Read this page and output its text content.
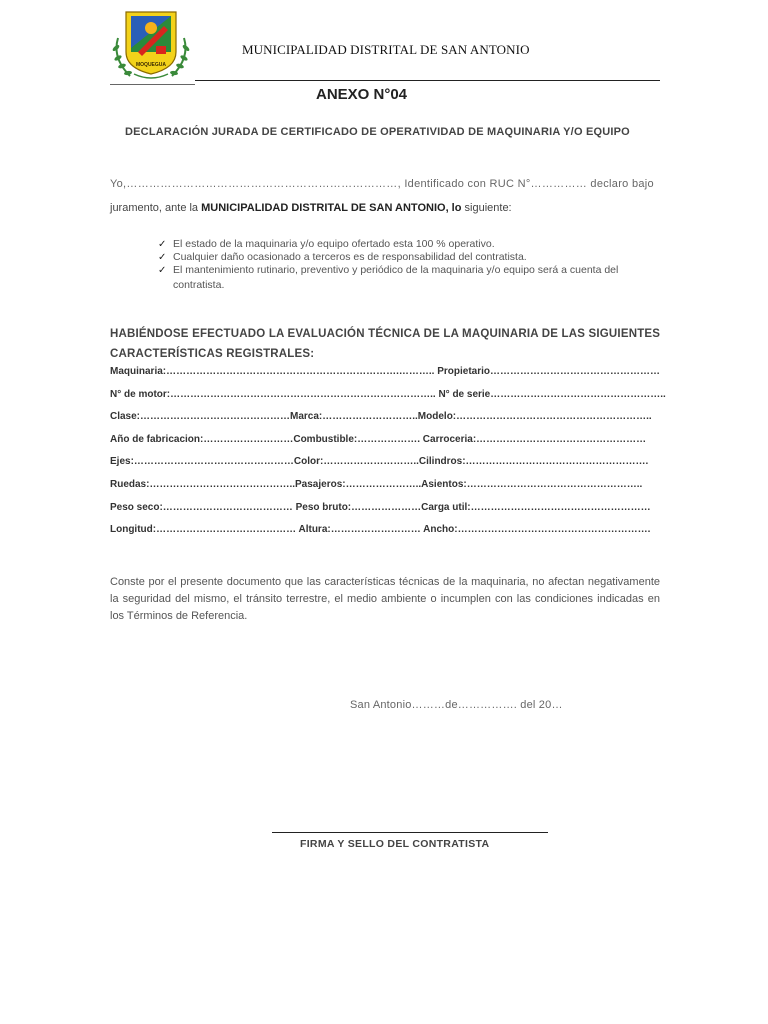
MOQUEGUA
MUNICIPALIDAD DISTRITAL DE SAN ANTONIO
ANEXO N°04
DECLARACIÓN JURADA DE CERTIFICADO DE OPERATIVIDAD DE MAQUINARIA Y/O EQUIPO
Yo,………………………………………………………………, Identificado con RUC N°…………… declaro bajo
juramento, ante la MUNICIPALIDAD DISTRITAL DE SAN ANTONIO, lo siguiente:
✓ El estado de la maquinaria y/o equipo ofertado esta 100 % operativo.
✓ Cualquier daño ocasionado a terceros es de responsabilidad del contratista.
✓ El mantenimiento rutinario, preventivo y periódico de la maquinaria y/o equipo será a cuenta del
contratista.
HABIÉNDOSE EFECTUADO LA EVALUACIÓN TÉCNICA DE LA MAQUINARIA DE LAS SIGUIENTES
CARACTERÍSTICAS REGISTRALES:
Maquinaria:…………………………………………………………….……….. Propietario……………………………………………
N° de motor:…………………………………………………………………….. N° de serie……………………………………………..
Clase:………………………………………Marca:………………………..Modelo:…………………………………………………..
Año de fabricacion:………………………Combustible:………………. Carroceria:……………………………………………
Ejes:…………………………………………Color:………………………..Cilindros:……………………………………………….
Ruedas:……………………………………..Pasajeros:…………………..Asientos:……………………………………………..
Peso seco:………………………………… Peso bruto:…………………Carga util:………………………………………………
Longitud:…………………………………… Altura:……………………… Ancho:………………………………………………….
Conste por el presente documento que las características técnicas de la maquinaria, no afectan negativamente la seguridad del mismo, el tránsito terrestre, el medio ambiente o incumplen con las condiciones indicadas en los Términos de Referencia.
San Antonio………de……………. del 20…
FIRMA Y SELLO DEL CONTRATISTA
